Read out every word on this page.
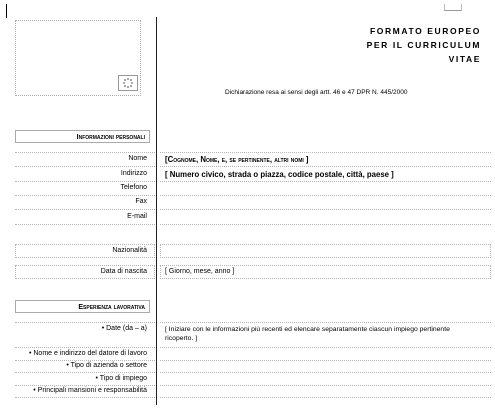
FORMATO EUROPEO
PER IL CURRICULUM
VITAE
Dichiarazione resa ai sensi degli artt. 46 e 47 DPR N. 445/2000
Informazioni personali
Nome [Cognome, Nome, e, se pertinente, altri nomi ]
Indirizzo [ Numero civico, strada o piazza, codice postale, città, paese ]
Telefono
Fax
E-mail
Nazionalità
Data di nascita	[ Giorno, mese, anno ]
Esperienza lavorativa
• Date (da – a)	[ Iniziare con le informazioni più recenti ed elencare separatamente ciascun impiego pertinente ricoperto. ]
• Nome e indirizzo del datore di lavoro
• Tipo di azienda o settore
• Tipo di impiego
• Principali mansioni e responsabilità
